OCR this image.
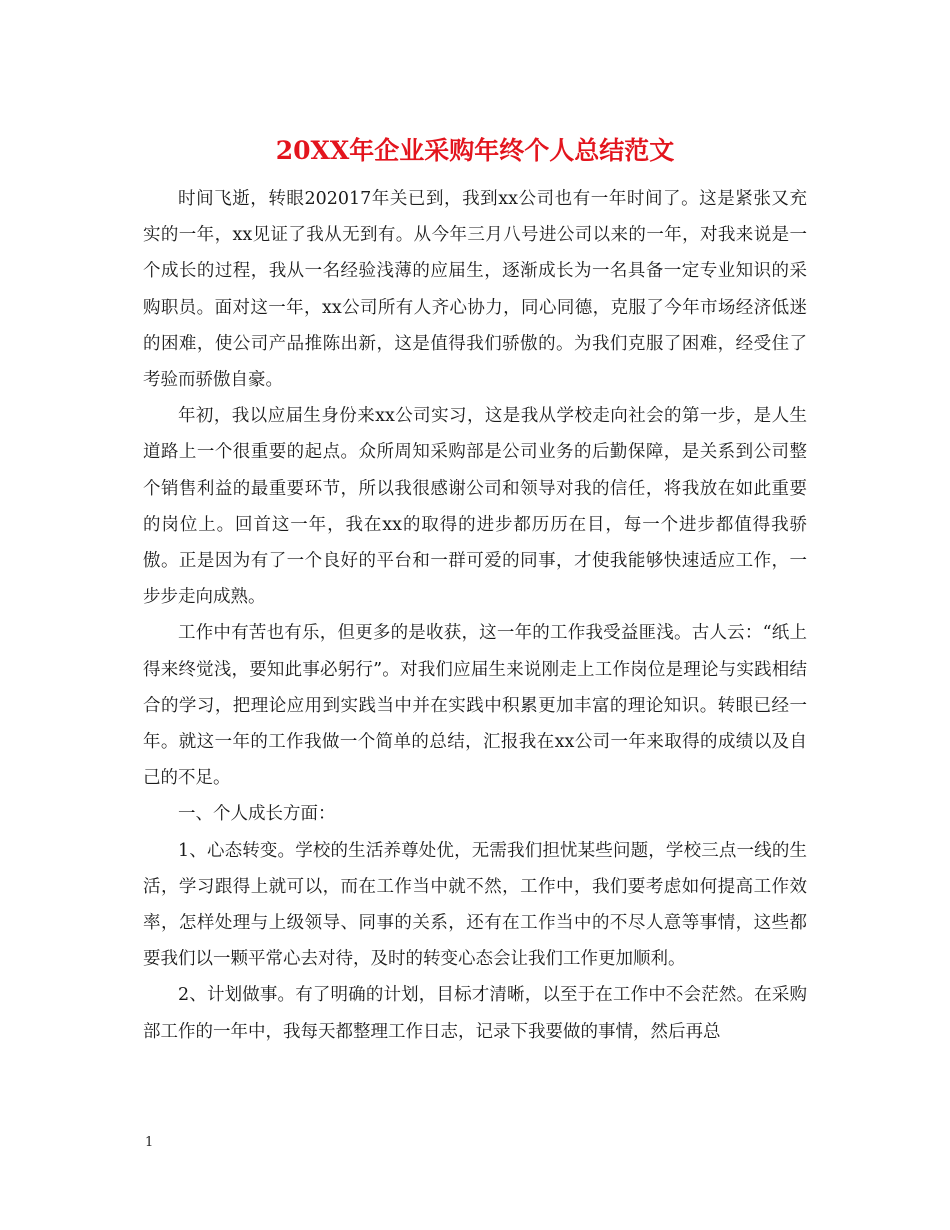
20XX年企业采购年终个人总结范文

时间飞逝，转眼202017年关已到，我到xx公司也有一年时间了。这是紧张又充实的一年，xx见证了我从无到有。从今年三月八号进公司以来的一年，对我来说是一个成长的过程，我从一名经验浅薄的应届生，逐渐成长为一名具备一定专业知识的采购职员。面对这一年，xx公司所有人齐心协力，同心同德，克服了今年市场经济低迷的困难，使公司产品推陈出新，这是值得我们骄傲的。为我们克服了困难，经受住了考验而骄傲自豪。

年初，我以应届生身份来xx公司实习，这是我从学校走向社会的第一步，是人生道路上一个很重要的起点。众所周知采购部是公司业务的后勤保障，是关系到公司整个销售利益的最重要环节，所以我很感谢公司和领导对我的信任，将我放在如此重要的岗位上。回首这一年，我在xx的取得的进步都历历在目，每一个进步都值得我骄傲。正是因为有了一个良好的平台和一群可爱的同事，才使我能够快速适应工作，一步步走向成熟。

工作中有苦也有乐，但更多的是收获，这一年的工作我受益匪浅。古人云：“纸上得来终觉浅，要知此事必躬行”。对我们应届生来说刚走上工作岗位是理论与实践相结合的学习，把理论应用到实践当中并在实践中积累更加丰富的理论知识。转眼已经一年。就这一年的工作我做一个简单的总结，汇报我在xx公司一年来取得的成绩以及自己的不足。

一、个人成长方面：

1、心态转变。学校的生活养尊处优，无需我们担忧某些问题，学校三点一线的生活，学习跟得上就可以，而在工作当中就不然，工作中，我们要考虑如何提高工作效率，怎样处理与上级领导、同事的关系，还有在工作当中的不尽人意等事情，这些都要我们以一颗平常心去对待，及时的转变心态会让我们工作更加顺利。

2、计划做事。有了明确的计划，目标才清晰，以至于在工作中不会茫然。在采购部工作的一年中，我每天都整理工作日志，记录下我要做的事情，然后再总

1
